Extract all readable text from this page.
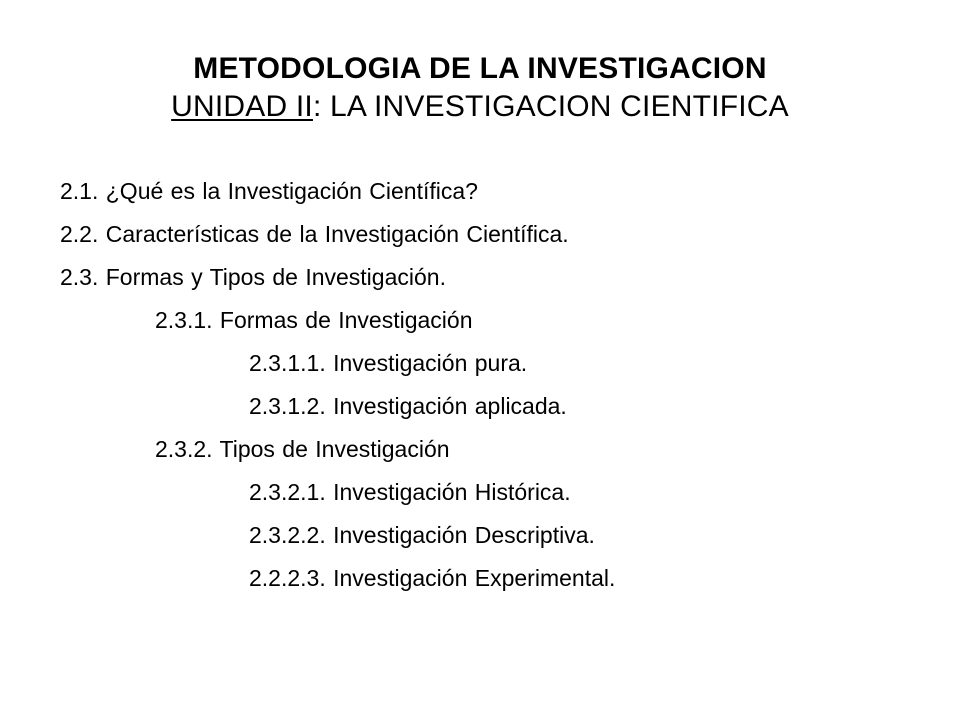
METODOLOGIA DE LA INVESTIGACION
UNIDAD II: LA INVESTIGACION CIENTIFICA
2.1. ¿Qué es la Investigación Científica?
2.2. Características de la Investigación Científica.
2.3. Formas y Tipos de Investigación.
2.3.1. Formas de Investigación
2.3.1.1. Investigación pura.
2.3.1.2. Investigación aplicada.
2.3.2. Tipos de Investigación
2.3.2.1. Investigación Histórica.
2.3.2.2. Investigación Descriptiva.
2.2.2.3. Investigación Experimental.
